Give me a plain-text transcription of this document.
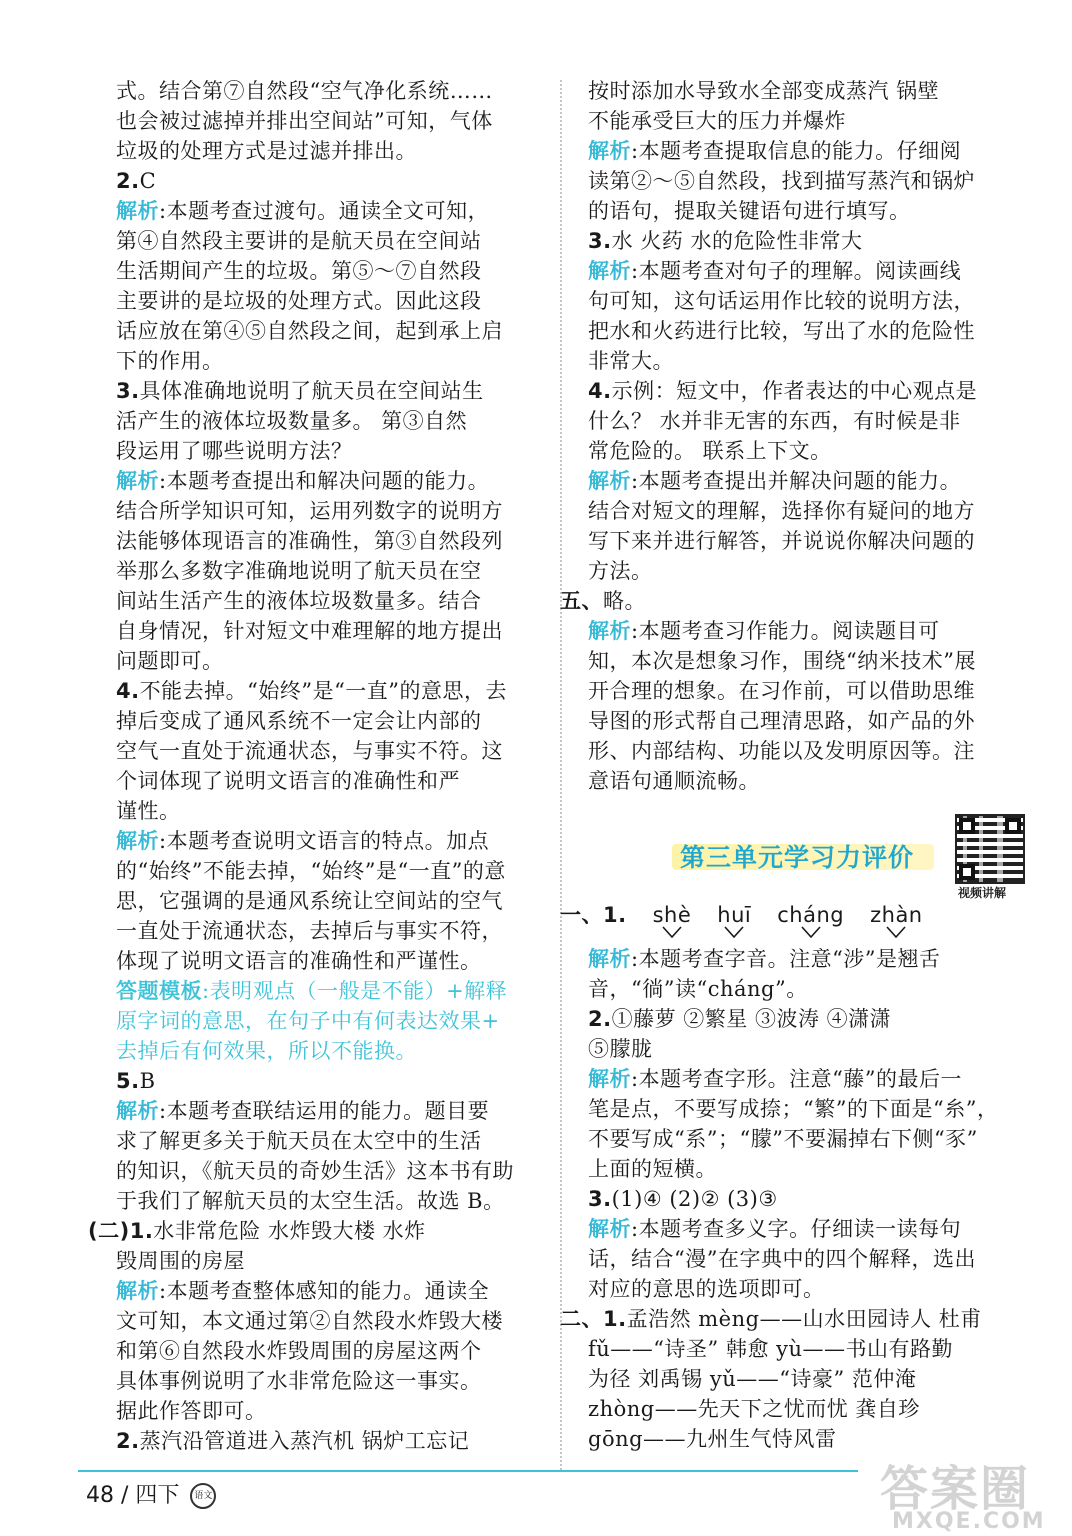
式。结合第⑦自然段“空气净化系统……
也会被过滤掉并排出空间站”可知，气体
垃圾的处理方式是过滤并排出。
2.C
解析:本题考查过渡句。通读全文可知，
第④自然段主要讲的是航天员在空间站
生活期间产生的垃圾。第⑤～⑦自然段
主要讲的是垃圾的处理方式。因此这段
话应放在第④⑤自然段之间，起到承上启
下的作用。
3.具体准确地说明了航天员在空间站生
活产生的液体垃圾数量多。 第③自然
段运用了哪些说明方法？
解析:本题考查提出和解决问题的能力。
结合所学知识可知，运用列数字的说明方
法能够体现语言的准确性，第③自然段列
举那么多数字准确地说明了航天员在空
间站生活产生的液体垃圾数量多。结合
自身情况，针对短文中难理解的地方提出
问题即可。
4.不能去掉。“始终”是“一直”的意思，去
掉后变成了通风系统不一定会让内部的
空气一直处于流通状态，与事实不符。这
个词体现了说明文语言的准确性和严
谨性。
解析:本题考查说明文语言的特点。加点
的“始终”不能去掉，“始终”是“一直”的意
思，它强调的是通风系统让空间站的空气
一直处于流通状态，去掉后与事实不符，
体现了说明文语言的准确性和严谨性。
答题模板:表明观点（一般是不能）+解释
原字词的意思，在句子中有何表达效果+
去掉后有何效果，所以不能换。
5.B
解析:本题考查联结运用的能力。题目要
求了解更多关于航天员在太空中的生活
的知识，《航天员的奇妙生活》这本书有助
于我们了解航天员的太空生活。故选 B。
(二)1.水非常危险 水炸毁大楼 水炸
毁周围的房屋
解析:本题考查整体感知的能力。通读全
文可知，本文通过第②自然段水炸毁大楼
和第⑥自然段水炸毁周围的房屋这两个
具体事例说明了水非常危险这一事实。
据此作答即可。
2.蒸汽沿管道进入蒸汽机 锅炉工忘记
按时添加水导致水全部变成蒸汽 锅壁
不能承受巨大的压力并爆炸
解析:本题考查提取信息的能力。仔细阅
读第②～⑤自然段，找到描写蒸汽和锅炉
的语句，提取关键语句进行填写。
3.水 火药 水的危险性非常大
解析:本题考查对句子的理解。阅读画线
句可知，这句话运用作比较的说明方法，
把水和火药进行比较，写出了水的危险性
非常大。
4.示例：短文中，作者表达的中心观点是
什么？ 水并非无害的东西，有时候是非
常危险的。 联系上下文。
解析:本题考查提出并解决问题的能力。
结合对短文的理解，选择你有疑问的地方
写下来并进行解答，并说说你解决问题的
方法。
五、略。
解析:本题考查习作能力。阅读题目可
知，本次是想象习作，围绕“纳米技术”展
开合理的想象。在习作前，可以借助思维
导图的形式帮自己理清思路，如产品的外
形、内部结构、功能以及发明原因等。注
意语句通顺流畅。
第三单元学习力评价
视频讲解
一、1. shè huī cháng zhàn
解析:本题考查字音。注意“涉”是翘舌
音，“徜”读“cháng”。
2.①藤萝 ②繁星 ③波涛 ④潇潇
⑤朦胧
解析:本题考查字形。注意“藤”的最后一
笔是点，不要写成捺；“繁”的下面是“糸”，
不要写成“系”；“朦”不要漏掉右下侧“豕”
上面的短横。
3.(1)④ (2)② (3)③
解析:本题考查多义字。仔细读一读每句
话，结合“漫”在字典中的四个解释，选出
对应的意思的选项即可。
二、1.孟浩然 mèng——山水田园诗人 杜甫
fǔ——“诗圣” 韩愈 yù——书山有路勤
为径 刘禹锡 yǔ——“诗豪” 范仲淹
zhòng——先天下之忧而忧 龚自珍
gōng——九州生气恃风雷
48 / 四下 语文	答案圈
MXQE.COM
